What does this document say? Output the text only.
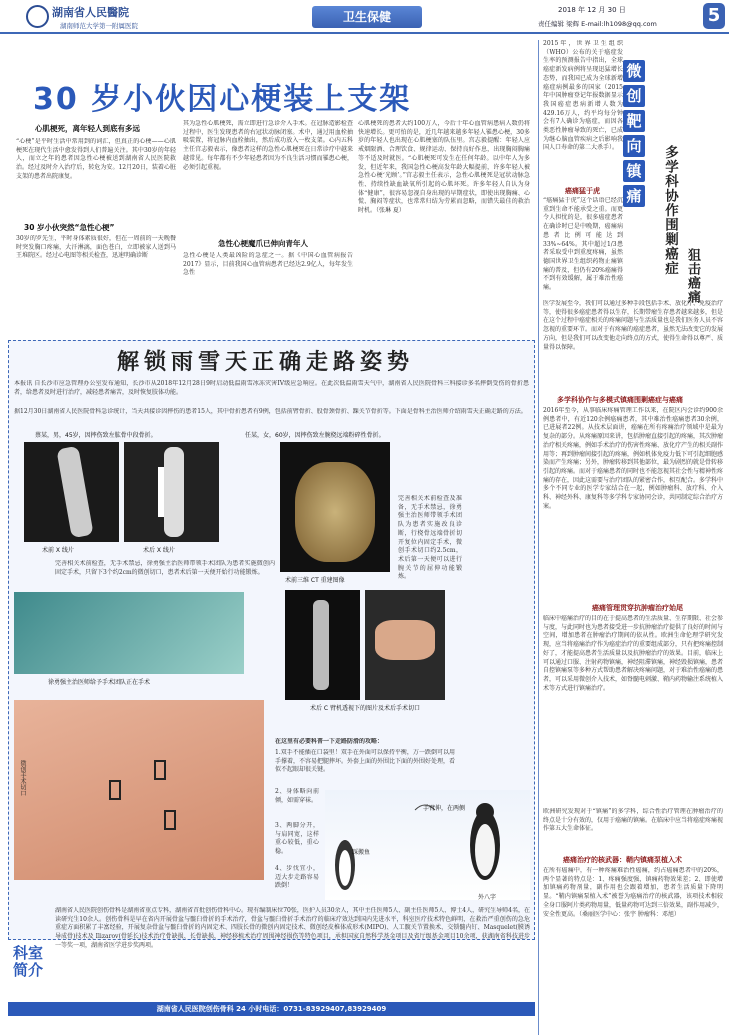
湖南省人民醫院
湖南师范大学第一附属医院
卫生保健	2018 年 12 月 30 日
责任编辑 梁辉 E-mail:lh1098@qq.com	5
30 岁小伙因心梗装上支架
心肌梗死，离年轻人到底有多远
“心梗”是平时生活中常用到的词汇，但真正的心梗——心肌梗死在现代生活中愈发得到人们普遍关注。其中30岁的年轻人，而立之年的患者因急性心梗被送到湖南省人民医院救治。经过及时介入治疗后，转危为安。12月20日，装着心脏支架的患者出院康复。
30 岁小伙突然“急性心梗”
30岁的罗先生，平时身体素质很好，但在一周前的一天晚餐时突发胸口疼痛，大汗淋漓，面色苍白，立即被家人送到马王堆院区。经过心电图等相关检查，迅速明确诊断
其为急性心肌梗死，需立即进行急诊介入手术。在冠脉造影检查过程中，医生发现患者的右冠状动脉闭塞。术中，通过用血栓抽吸装置，将冠脉内血栓抽出，然后成功放入一枚支架。心内五科主任宫志毅表示，像患者这样的急性心肌梗死在日常诊疗中越来越常见。每年都有不少年轻患者因为不良生活习惯而罹患心梗，必须引起重视。
急性心梗魔爪已伸向青年人
急性心梗是人类最凶险的急症之一。据《中国心血管病报告2017》显示，目前我国心血管病患者已经达2.9亿人，每年发生急性
心肌梗死的患者大约100万人，今后十年心血管病患病人数仍将快速增长。更可怕的是，近几年越来越多年轻人罹患心梗，30多岁的年轻人也出现在心肌梗塞的队伍里。宫志毅提醒：年轻人应戒烟限酒、合理饮食、规律运动、保持良好作息，出现胸闷胸痛等不适及时就医。“心肌梗死可发生在任何年龄。以中年人为多发，但近年来，我国急性心梗高发年龄大幅提前，许多年轻人被急性心梗‘光顾’。”宫志毅主任表示，急性心肌梗死是冠状动脉急性、持续性缺血缺氧所引起的心肌坏死。许多年轻人自认为身体“健康”，很容易忽视自身出现的早期症状，即使出现胸痛、心慌、胸闷等症状，也常常归结为劳累而忽略，而错失最佳的救治时机。（张琳 夏）
2015年，世界卫生组织（WHO）公布的关于癌症发生率的预测报告中指出，全球癌症新发病例将呈现迅猛增长态势，而我国已成为全球新增癌症病例最多的国家（2015年中国肿瘤登记年报数据显示我国癌症患病新增人数为429.16万人，约平均每分钟会有7人确诊为癌症，而因各类恶性肿瘤导致的死亡，已成为继心脑血管疾病之后影响我国人口寿命的第二大杀手）。
微
创
靶
向
镇
痛 多学科协作围剿癌症
狙击癌痛
癌痛猛于虎
“癌痛猛于虎”这个话语已经沉重到生命不能承受之重。而更令人担忧的是，很多癌症患者在确诊时已是中晚期，癌痛病患者比例可能达到33%~64%。其中超过1/3患者采取受中到重度疼痛，虽然德国世界卫生组织药物止痛镇痛的普及，但仍有20%癌痛得不到有效缓解，属于难治性癌痛。
医学发展至今，我们可以通过多种手段包括手术、放化疗、免疫治疗等，使得很多癌症患者得以生存，长期带瘤生存患者越来越多，但是在这个过程中癌症相关的疼痛问题与生活质量也是我们医务人员不容忽视的重要环节。而对于有疼痛的癌症患者，虽然无法改变它的发展方向，但是我们可以改变他走向终点的方式，使得生命得以尊严、质量得以保障。
多学科协作与多模式镇痛围剿癌症与癌痛
2016年至今，从事临床疼痛管理工作以来，在院区内会诊约900余例患者中，有近120余例癌痛患者，其中难治性癌痛患者30余例，已进展者22例。从技术层面讲，癌痛在所有疼痛治疗领域中是最为复杂的部分。从疼痛原因来讲，包括肿瘤直接引起的疼痛，其次肿瘤治疗相关疼痛，例如手术治疗的伤害性疼痛、放化疗产生的相关副作用等；再到肿瘤间接引起的疼痛，例如机体免疫力低下可引起细胞感染而产生疼痛；另外，肿瘤转移到其他部位，最为剧烈的就是骨转移引起的疼痛。而对于癌痛患者的同时也不能忽视其社会性与精神性疼痛的存在，因此这需要与治疗团队的紧密合作，相互配合。多学科中多个不同专业的医学专家结合在一起，例如肿瘤科、放疗科、介入科、神经外科、康复科等多学科专家协同会诊，共同制定综合治疗方案。
癌痛管理贯穿抗肿瘤治疗始尾
临床中癌痛治疗的目的在于提高患者的生活质量、生存期限、社会参与度，与此同时也为患者接受进一步抗肿瘤治疗提供了良好的时间与空间，增加患者在肿瘤治疗期间的依从性。欧洲生命伦理学研究发现，应当将癌痛治疗作为癌症治疗的重要组成部分，只有把疼痛控制好了，才能提高患者生活质量以及抗肿瘤治疗的效果。目前，临床上可以通过口服、注射药物镇痛，神经阻滞镇痛，神经毁损镇痛，患者自控镇痛泵等多种方式帮助患者解决疼痛问题，对于难治性癌痛的患者，可以采用微创介入技术，如脊髓电刺激、鞘内药物输注系统植入术等方式进行镇痛治疗。
欧洲研究发现对于“镇痛”的多学科，综合性治疗管理在肿瘤治疗的终点是十分有效的，仅用于癌痛的镇痛。在临床中应当将癌症疼痛视作第五大生命体征。
癌痛治疗的核武器：鞘内镇痛泵植入术
在所有癌痛中，有一种疼痛难治性癌痛，约占癌痛患者中的20%，两个显著的特点是：1、疼痛强度强，镇痛药物效果差；2、即使增加镇痛药物剂量，副作用也会跟着增加，患者生活质量下降明显。“鞘内镇痛泵植入术”被誉为癌痛治疗的核武器，该项技术相较全身口服阿片类药物用量，低量药物可达到三倍效果，副作用减少，安全性更高。（桑丽医学中心：张宇 肿瘤科：邓旭）
解锁雨雪天正确走路姿势
本报讯 自长沙市应急管理办公室发布通知，长沙市从2018年12月28日9时启动低温雨雪冰冻灾害IV级应急响应。在此次低温雨雪天气中，湖南省人民医院骨科三科接诊多名摔倒受伤的骨折患者，给患者及时进行治疗，减轻患者痛苦，及时恢复肢体功能。
据12月30日湖南省人民医院骨科急诊统计，当天共接诊因摔伤的患者15人，其中骨折患者有9例，包括前臂骨折、股骨颈骨折、踝关节骨折等。下面是骨科主治医师介绍雨雪天正确走路的方法。
蔡某，男，45岁，因摔伤致左肱骨中段骨折。
术前 X 线片	术后 X 线片
任某，女，60岁，因摔伤致左腕桡远端粉碎性骨折。
术前三维 CT 重建图像
完善相关术前检查及准备，无手术禁忌，徐勇强主治医师带领手术团队为患者实施改良诊断，行桡骨远端骨折切开复位内固定手术，微创手术切口约2.5cm，术后第一天便可以进行腕关节的屈伸功能锻炼。
完善相关术前检查，无手术禁忌，徐勇强主治医师带领手术团队为患者实施微创内固定手术，只留下3个约2cm的微创切口，患者术后第一天便开始行功能锻炼。
徐勇强主治医师给予手术团队正在手术
术后 C 臂机透视下的图片及术后手术切口
微创手术切口
在这里有必要科普一下走路防滑的攻略：
1.双手不能插在口袋里！双手在外面可以保持平衡，万一跌倒可以用手撑着，不容易把腿摔坏。外套上面的外围比下面的外围好处理，看似不起眼却很关键。
2、身体略向前倾，如需穿袜。
3、两脚分开，与肩同宽，这样重心较低，重心稳。
4、步伐宜小，迈大步走路容易跌倒！
手臂伸，在两侧
踩搬鱼
外八字
科室简介
湖南省人民医院创伤骨科是湖南省重点专科，湖南省首批创伤骨科中心。现有编制床位70张，医护人员30余人，其中主任医师5人、副主任医师5人、博士4人，研究生导师4名，在读研究生10余人。创伤骨科是早在省内开展骨盆与髋臼骨折的手术治疗，骨盆与髋臼骨折手术治疗的临床疗效达到国内先进水平，科室医疗技术特色鲜明，在救治严重创伤的急危重症方面积累了丰富经验，开展复杂骨盆与髋臼骨折的内固定术、四肢长骨的微创内固定技术、微创经皮椎体成形术(MIPO)、人工髋关节置换术、交锁髓内钉、Masquelet(膜诱导成骨)技术及 Ilizarov(骨延长)技术治疗骨缺损、长骨缺损、神经移植术治疗周围神经损伤等特色项目，承担国家自然科学基金项目及省厅级基金项目10余项，获湖南省科技进步一等奖一项，湖南省医学进步奖两项。
湖南省人民医院创伤骨科 24 小时电话：0731-83929407,83929409
